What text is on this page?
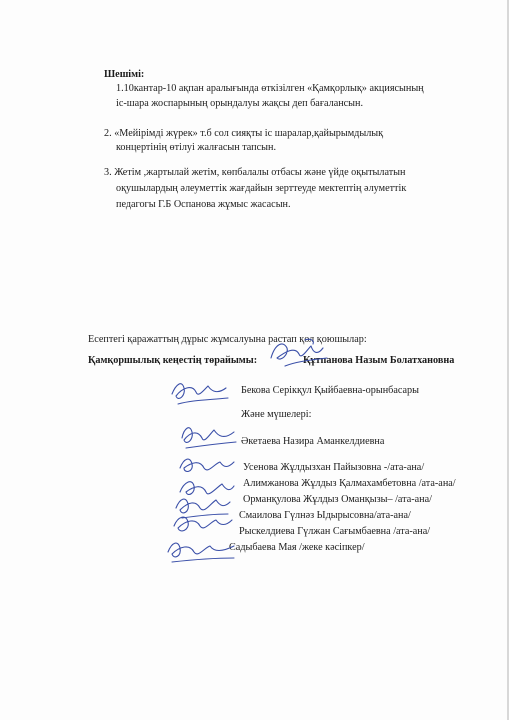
Шешімі:
1.10кантар-10 ақпан аралығында өткізілген «Қамқорлық» акциясының
іс-шара жоспарының орындалуы жақсы деп бағалансын.
2. «Мейірімді жүрек» т.б сол сияқты іс шаралар,қайырымдылық
концертінің өтілуі жалғасын тапсын.
3. Жетім ,жартылай жетім, көпбалалы отбасы және үйде оқытылатын
оқушылардың әлеуметтік жағдайын зерттеуде мектептің әлуметтік
педагогы Г.Б Оспанова жұмыс жасасын.
Есептегі қаражаттың дұрыс жұмсалуына растап қол қоюшылар:
Қамқоршылық кеңестің төрайымы:	Құтпанова Назым Болатхановна
Бекова Серікқул Қыйбаевна-орынбасары
Және мүшелері:
Әкетаева Назира Аманкелдиевна
Усенова Жұлдызхан Пайызовна -/ата-ана/
Алимжанова Жұлдыз Қалмахамбетовна /ата-ана/
Орманқулова Жұлдыз Оманқызы– /ата-ана/
Смаилова Гүлнәз Ыдырысовна/ата-ана/
Рыскелдиева Гүлжан Сағымбаевна /ата-ана/
Садыбаева Мая /жеке кәсіпкер/
